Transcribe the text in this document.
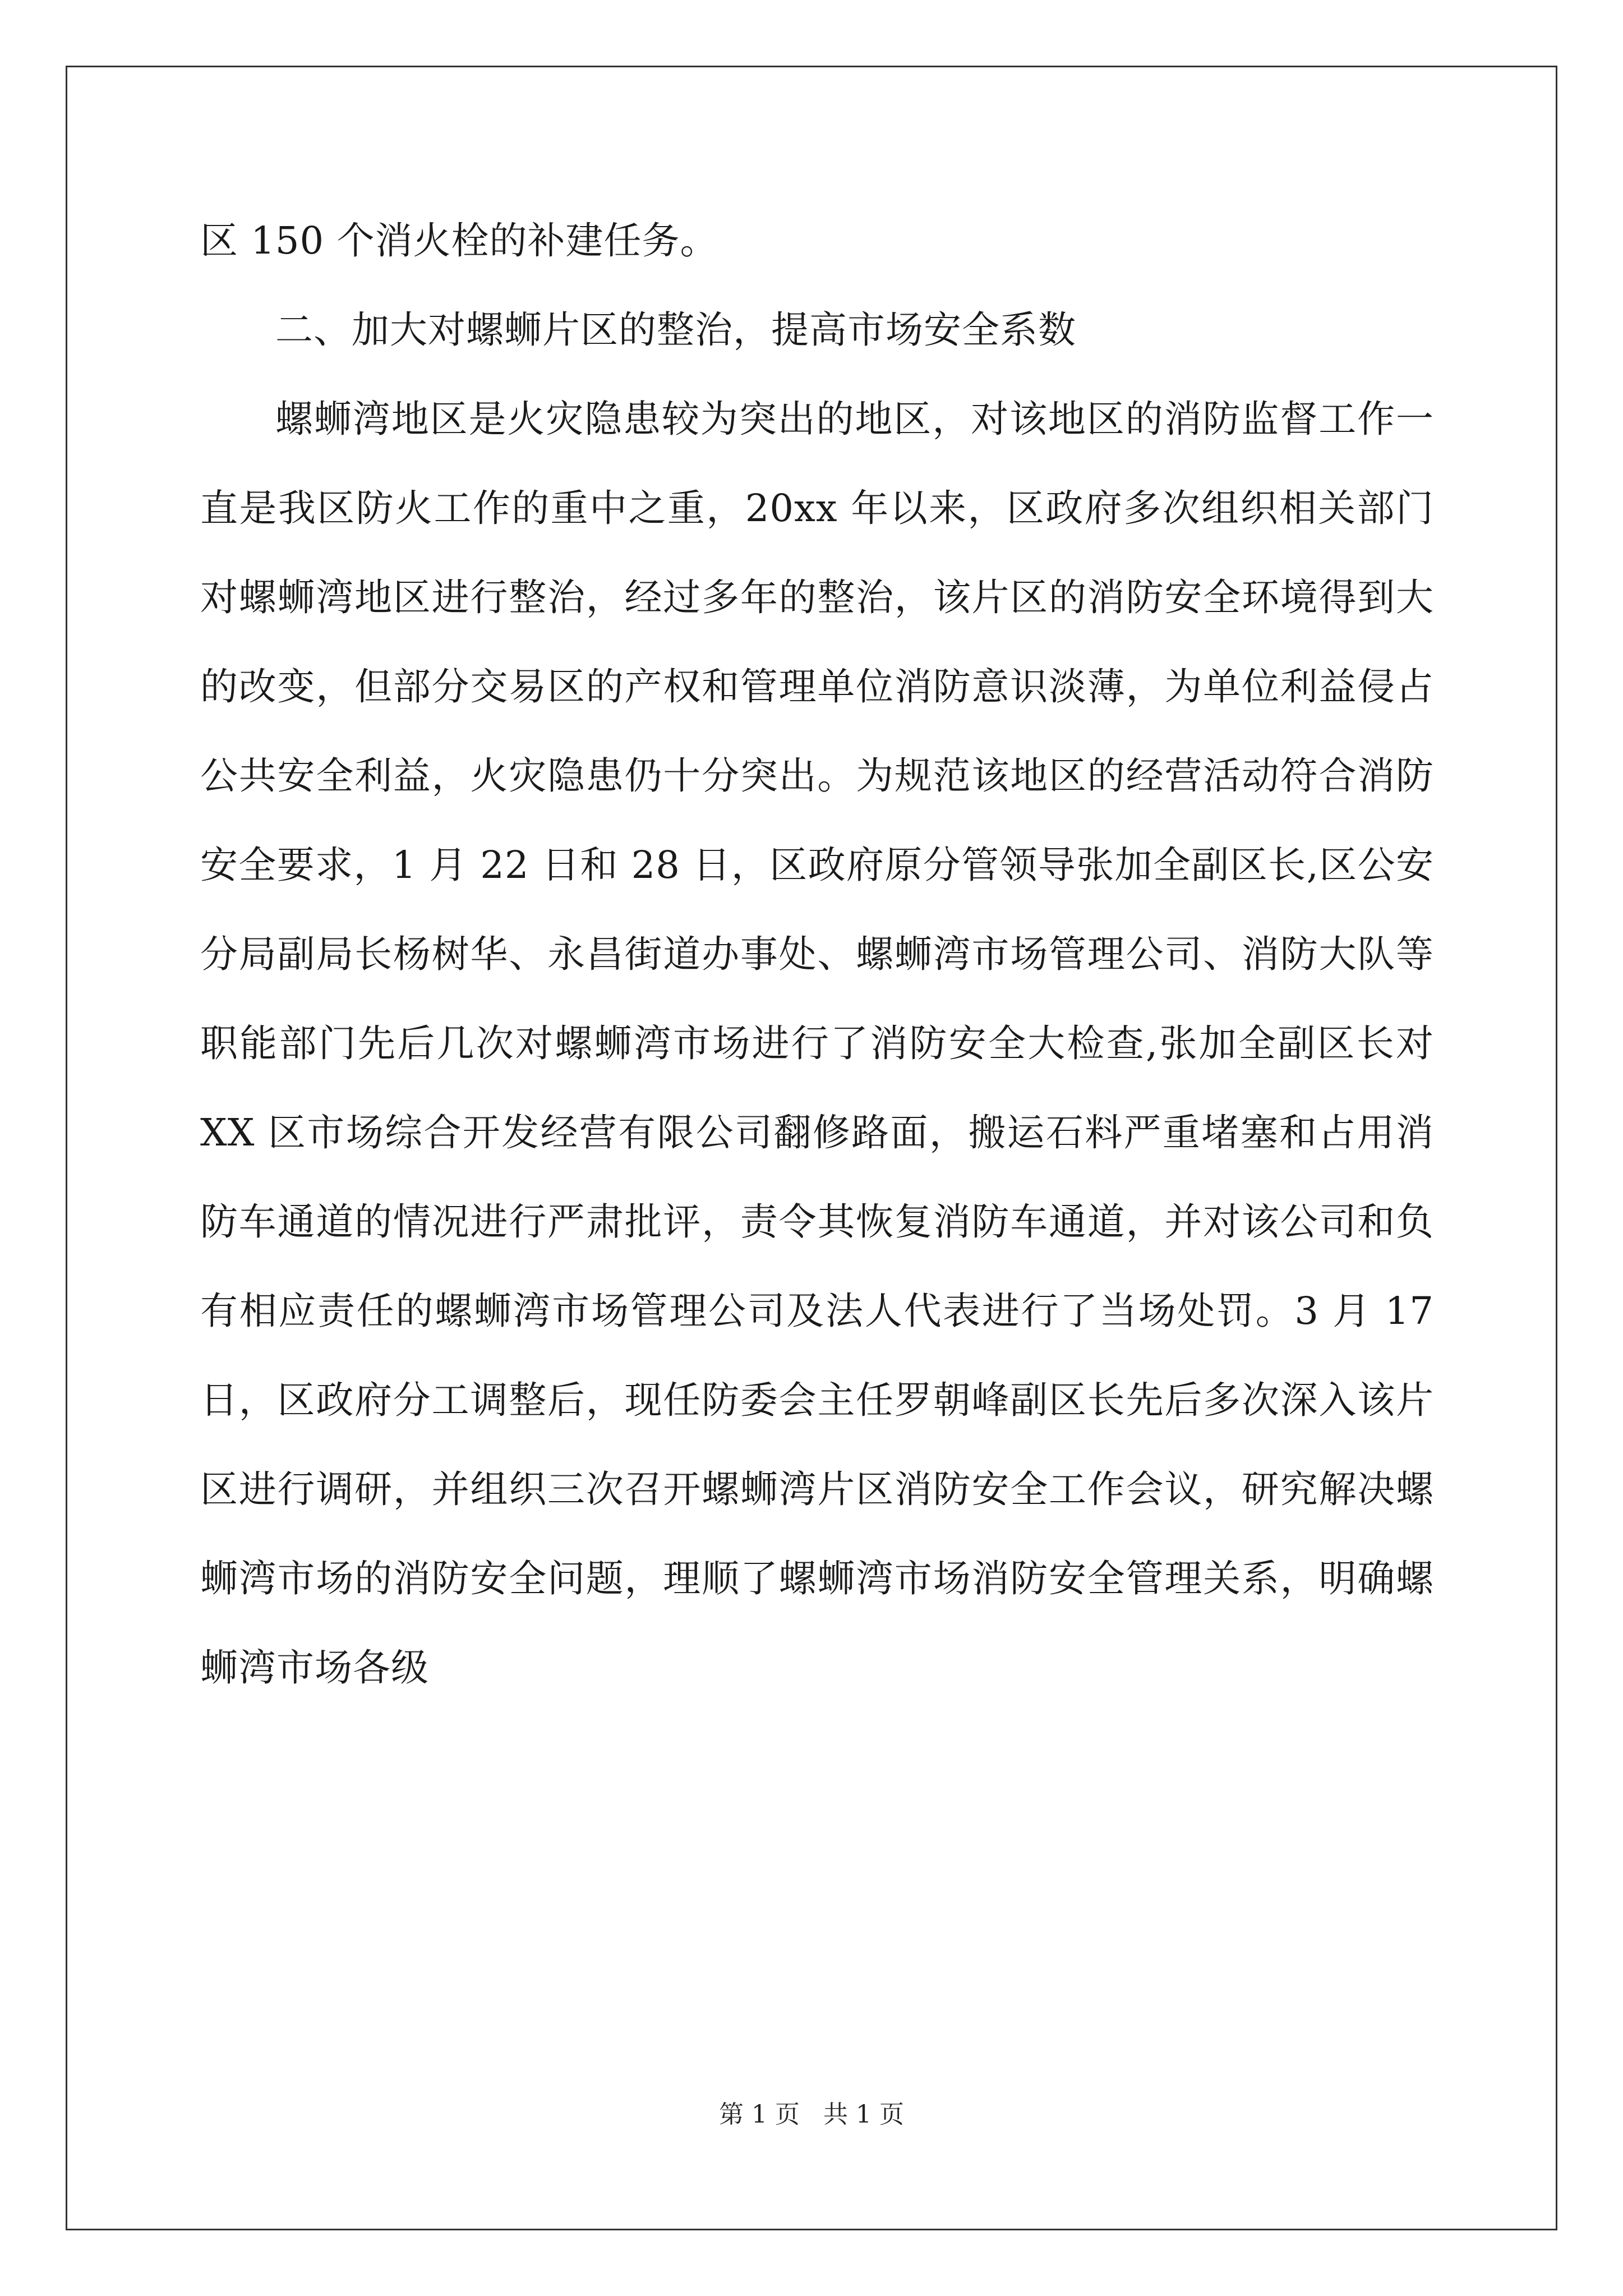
区 150 个消火栓的补建任务。

二、加大对螺蛳片区的整治，提高市场安全系数

螺蛳湾地区是火灾隐患较为突出的地区，对该地区的消防监督工作一直是我区防火工作的重中之重，20xx 年以来，区政府多次组织相关部门对螺蛳湾地区进行整治，经过多年的整治，该片区的消防安全环境得到大的改变，但部分交易区的产权和管理单位消防意识淡薄，为单位利益侵占公共安全利益，火灾隐患仍十分突出。为规范该地区的经营活动符合消防安全要求，1 月 22 日和 28 日，区政府原分管领导张加全副区长,区公安分局副局长杨树华、永昌街道办事处、螺蛳湾市场管理公司、消防大队等职能部门先后几次对螺蛳湾市场进行了消防安全大检查,张加全副区长对 XX 区市场综合开发经营有限公司翻修路面，搬运石料严重堵塞和占用消防车通道的情况进行严肃批评，责令其恢复消防车通道，并对该公司和负有相应责任的螺蛳湾市场管理公司及法人代表进行了当场处罚。3 月 17 日，区政府分工调整后，现任防委会主任罗朝峰副区长先后多次深入该片区进行调研，并组织三次召开螺蛳湾片区消防安全工作会议，研究解决螺蛳湾市场的消防安全问题，理顺了螺蛳湾市场消防安全管理关系，明确螺蛳湾市场各级

第 1 页 共 1 页
